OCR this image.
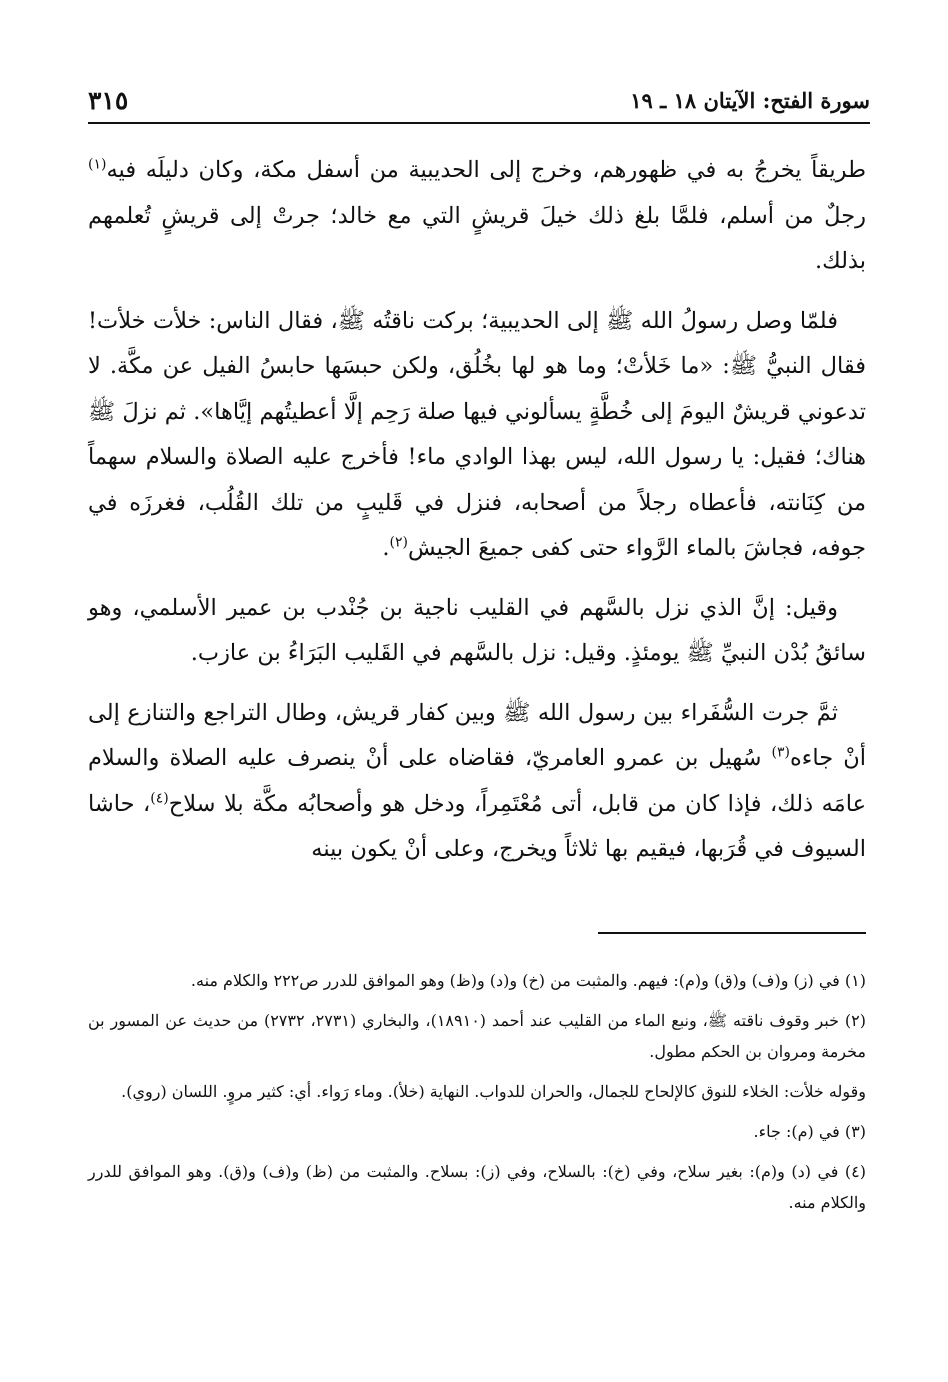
سورة الفتح: الآيتان ١٨ ـ ١٩
٣١٥

طريقاً يخرجُ به في ظهورهم، وخرج إلى الحديبية من أسفل مكة، وكان دليلَه فيه$^{(١)}$ رجلٌ من أسلم، فلمَّا بلغ ذلك خيلَ قريشٍ التي مع خالد؛ جرتْ إلى قريشٍ تُعلمهم بذلك.

فلمّا وصل رسولُ الله ﷺ إلى الحديبية؛ بركت ناقتُه ﷺ، فقال الناس: خلأت خلأت! فقال النبيُّ ﷺ: «ما خَلأتْ؛ وما هو لها بخُلُق، ولكن حبسَها حابسُ الفيل عن مكَّة. لا تدعوني قريشٌ اليومَ إلى خُطَّةٍ يسألوني فيها صلة رَحِم إلَّا أعطيتُهم إيَّاها». ثم نزلَ ﷺ هناك؛ فقيل: يا رسول الله، ليس بهذا الوادي ماء! فأخرج عليه الصلاة والسلام سهماً من كِنَانته، فأعطاه رجلاً من أصحابه، فنزل في قَليبٍ من تلك القُلُب، فغرزَه في جوفه، فجاشَ بالماء الرَّواء حتى كفى جميعَ الجيش$^{(٢)}$.

وقيل: إنَّ الذي نزل بالسَّهم في القليب ناجية بن جُنْدب بن عمير الأسلمي، وهو سائقُ بُدْن النبيِّ ﷺ يومئذٍ. وقيل: نزل بالسَّهم في القَليب البَرَاءُ بن عازب.

ثمَّ جرت السُّفَراء بين رسول الله ﷺ وبين كفار قريش، وطال التراجع والتنازع إلى أنْ جاءه$^{(٣)}$ سُهيل بن عمرو العامريّ، فقاضاه على أنْ ينصرف عليه الصلاة والسلام عامَه ذلك، فإذا كان من قابل، أتى مُعْتَمِراً، ودخل هو وأصحابُه مكَّة بلا سلاح$^{(٤)}$، حاشا السيوف في قُرَبها، فيقيم بها ثلاثاً ويخرج، وعلى أنْ يكون بينه

(١) في (ز) و(ف) و(ق) و(م): فيهم. والمثبت من (خ) و(د) و(ظ) وهو الموافق للدرر ص٢٢٢ والكلام منه.

(٢) خبر وقوف ناقته ﷺ، ونبع الماء من القليب عند أحمد (١٨٩١٠)، والبخاري (٢٧٣١، ٢٧٣٢) من حديث عن المسور بن مخرمة ومروان بن الحكم مطول.

وقوله خلأت: الخلاء للنوق كالإلحاح للجمال، والحران للدواب. النهاية (خلأ). وماء رَواء. أي: كثير مروٍ. اللسان (روي).

(٣) في (م): جاء.

(٤) في (د) و(م): بغير سلاح، وفي (خ): بالسلاح، وفي (ز): بسلاح. والمثبت من (ظ) و(ف) و(ق). وهو الموافق للدرر والكلام منه.
